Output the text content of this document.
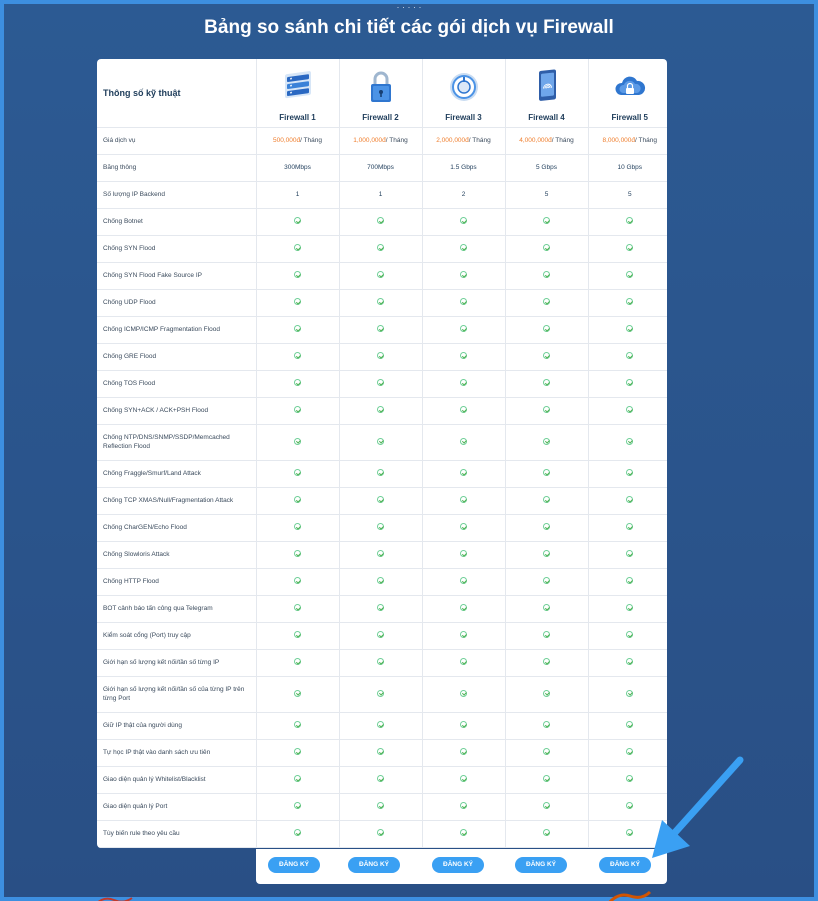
· · · · ·
Bảng so sánh chi tiết các gói dịch vụ Firewall
Thông số kỹ thuật	Firewall 1	Firewall 2	Firewall 3	Firewall 4	Firewall 5

Giá dịch vụ	500,000đ/ Tháng	1,000,000đ/ Tháng	2,000,000đ/ Tháng	4,000,000đ/ Tháng	8,000,000đ/ Tháng
Băng thông	300Mbps	700Mbps	1.5 Gbps	5 Gbps	10 Gbps
Số lượng IP Backend	1	1	2	5	5
Chống Botnet					
Chống SYN Flood					
Chống SYN Flood Fake Source IP					
Chống UDP Flood					
Chống ICMP/ICMP Fragmentation Flood					
Chống GRE Flood					
Chống TOS Flood					
Chống SYN+ACK / ACK+PSH Flood					
Chống NTP/DNS/SNMP/SSDP/Memcached Reflection Flood					
Chống Fraggle/Smurf/Land Attack					
Chống TCP XMAS/Null/Fragmentation Attack					
Chống CharGEN/Echo Flood					
Chống Slowloris Attack					
Chống HTTP Flood					
BOT cảnh báo tấn công qua Telegram					
Kiểm soát cổng (Port) truy cập					
Giới hạn số lượng kết nối/tần số từng IP					
Giới hạn số lượng kết nối/tần số của từng IP trên từng Port					
Giữ IP thật của người dùng					
Tự học IP thật vào danh sách ưu tiên					
Giao diện quản lý Whitelist/Blacklist					
Giao diện quản lý Port					
Tùy biến rule theo yêu cầu					
ĐĂNG KÝ	ĐĂNG KÝ	ĐĂNG KÝ	ĐĂNG KÝ	ĐĂNG KÝ
